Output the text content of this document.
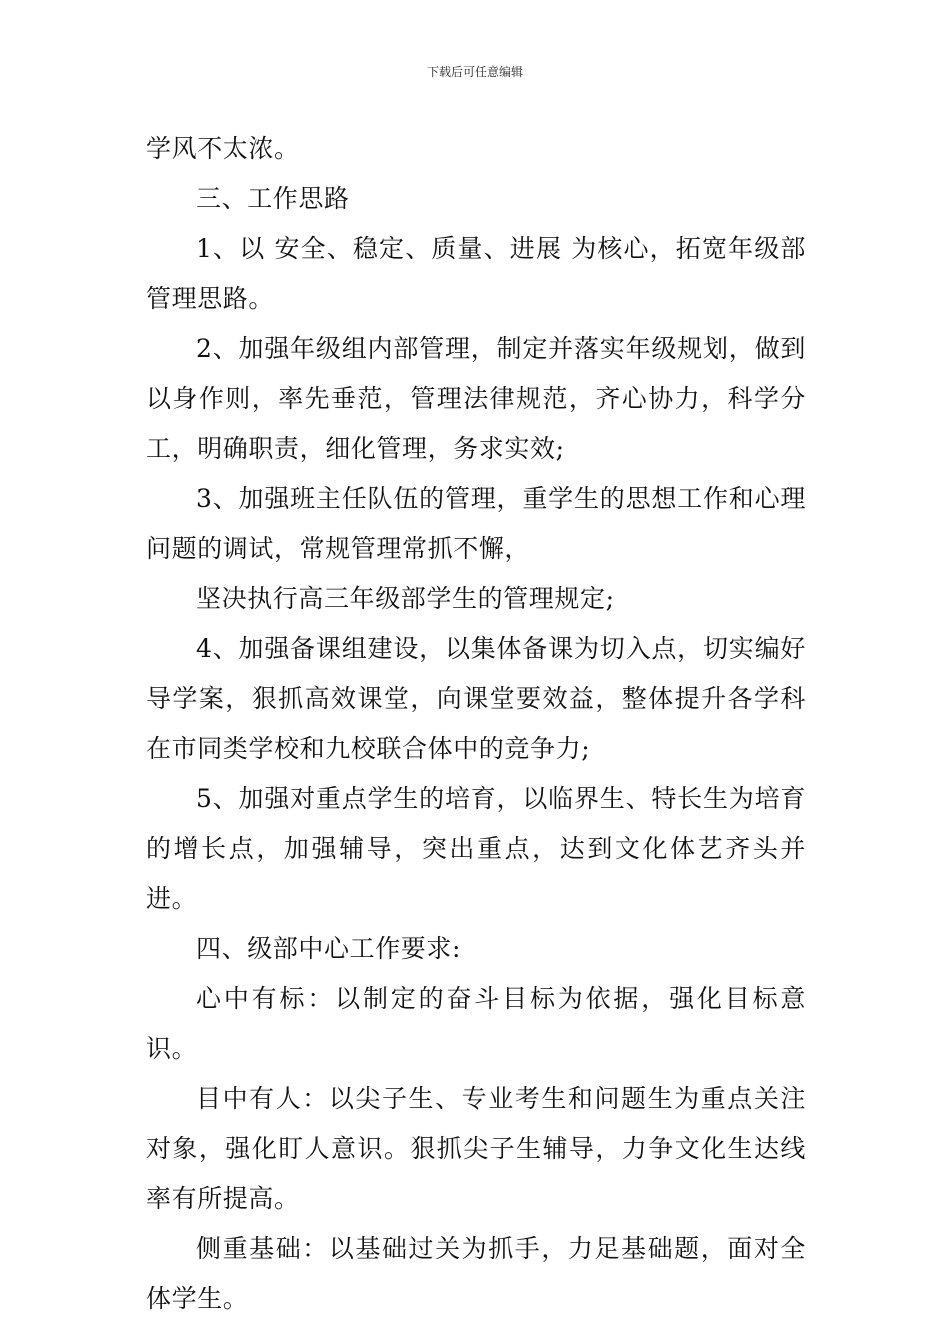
下载后可任意编辑

学风不太浓。

三、工作思路

1、以 安全、稳定、质量、进展 为核心，拓宽年级部管理思路。

2、加强年级组内部管理，制定并落实年级规划，做到以身作则，率先垂范，管理法律规范，齐心协力，科学分工，明确职责，细化管理，务求实效;

3、加强班主任队伍的管理，重学生的思想工作和心理问题的调试，常规管理常抓不懈，

坚决执行高三年级部学生的管理规定;

4、加强备课组建设，以集体备课为切入点，切实编好导学案，狠抓高效课堂，向课堂要效益，整体提升各学科在市同类学校和九校联合体中的竞争力;

5、加强对重点学生的培育，以临界生、特长生为培育的增长点，加强辅导，突出重点，达到文化体艺齐头并进。

四、级部中心工作要求:

心中有标：以制定的奋斗目标为依据，强化目标意识。

目中有人：以尖子生、专业考生和问题生为重点关注对象，强化盯人意识。狠抓尖子生辅导，力争文化生达线率有所提高。

侧重基础：以基础过关为抓手，力足基础题，面对全体学生。
